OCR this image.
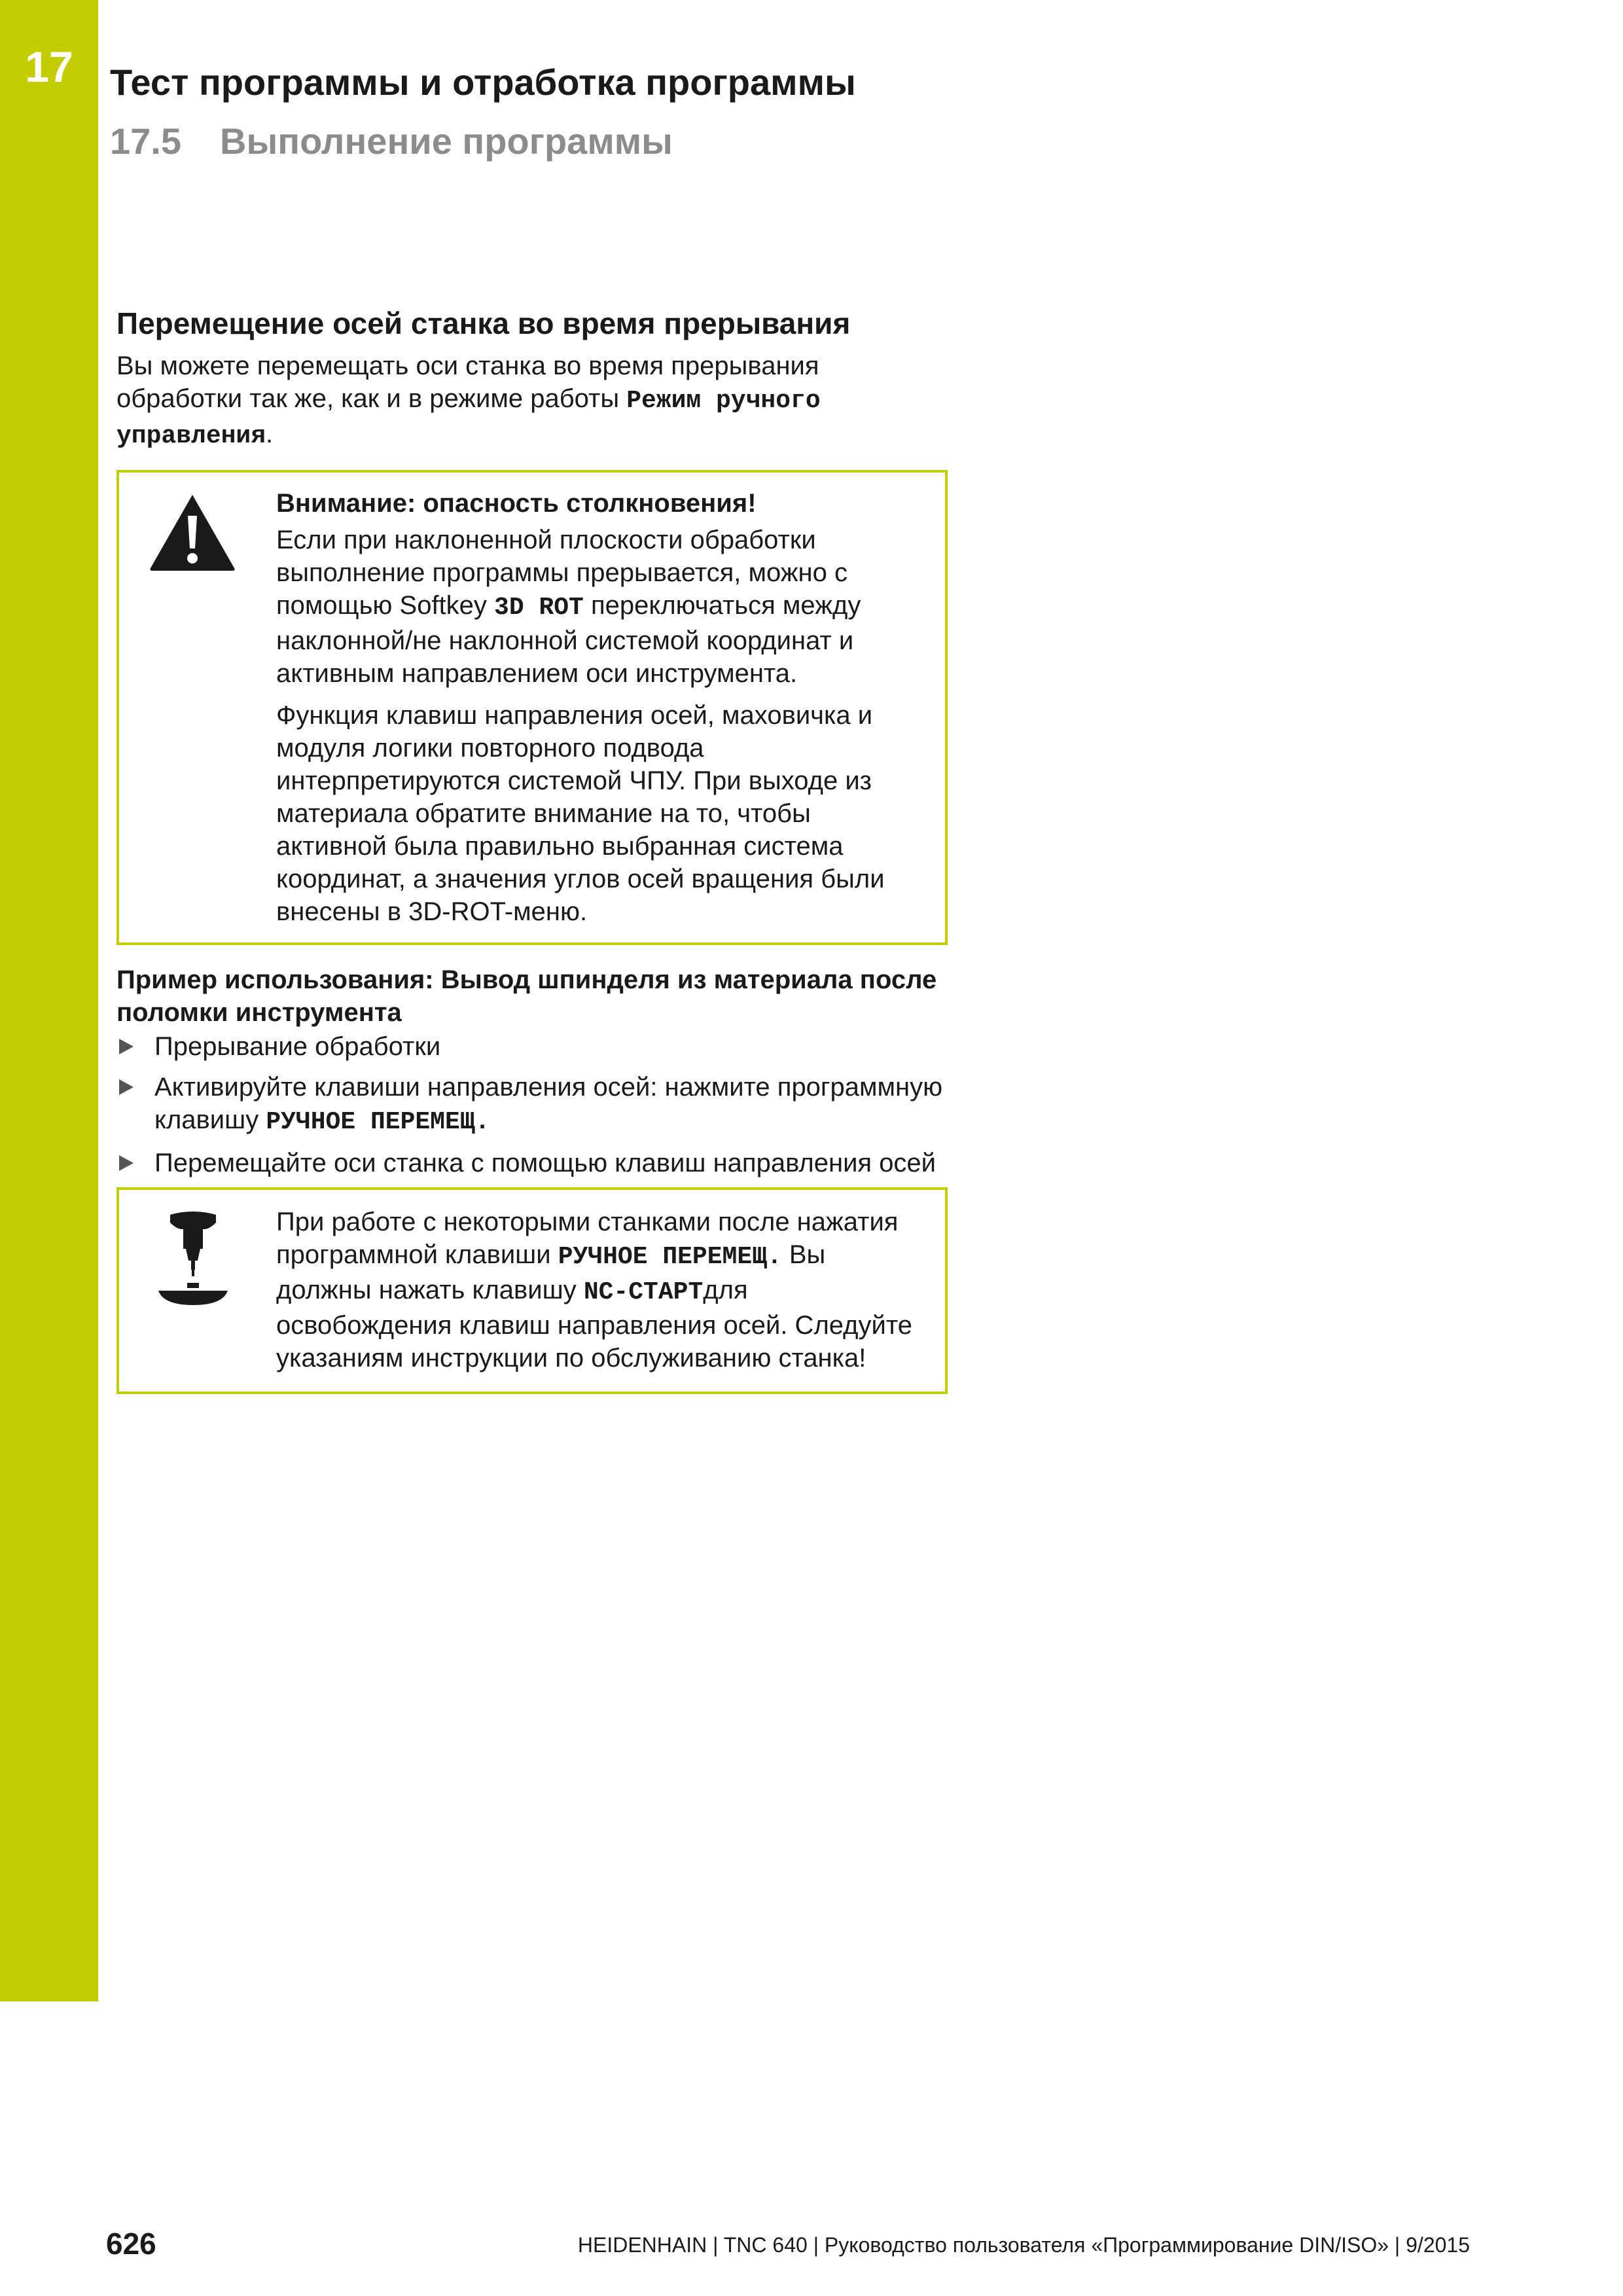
17	Тест программы и отработка программы
17.5 Выполнение программы
Перемещение осей станка во время прерывания

Вы можете перемещать оси станка во время прерывания обработки так же, как и в режиме работы Режим ручного управления.

Внимание: опасность столкновения!

Если при наклоненной плоскости обработки выполнение программы прерывается, можно с помощью Softkey 3D ROT переключаться между наклонной/не наклонной системой координат и активным направлением оси инструмента.

Функция клавиш направления осей, маховичка и модуля логики повторного подвода интерпретируются системой ЧПУ. При выходе из материала обратите внимание на то, чтобы активной была правильно выбранная система координат, а значения углов осей вращения были внесены в 3D-ROT-меню.

Пример использования: Вывод шпинделя из материала после поломки инструмента

Прерывание обработки
Активируйте клавиши направления осей: нажмите программную клавишу РУЧНОЕ ПЕРЕМЕЩ.
Перемещайте оси станка с помощью клавиш направления осей

При работе с некоторыми станками после нажатия программной клавиши РУЧНОЕ ПЕРЕМЕЩ. Вы должны нажать клавишу NC-СТАРТдля освобождения клавиш направления осей. Следуйте указаниям инструкции по обслуживанию станка!

626	HEIDENHAIN | TNC 640 | Руководство пользователя «Программирование DIN/ISO» | 9/2015
